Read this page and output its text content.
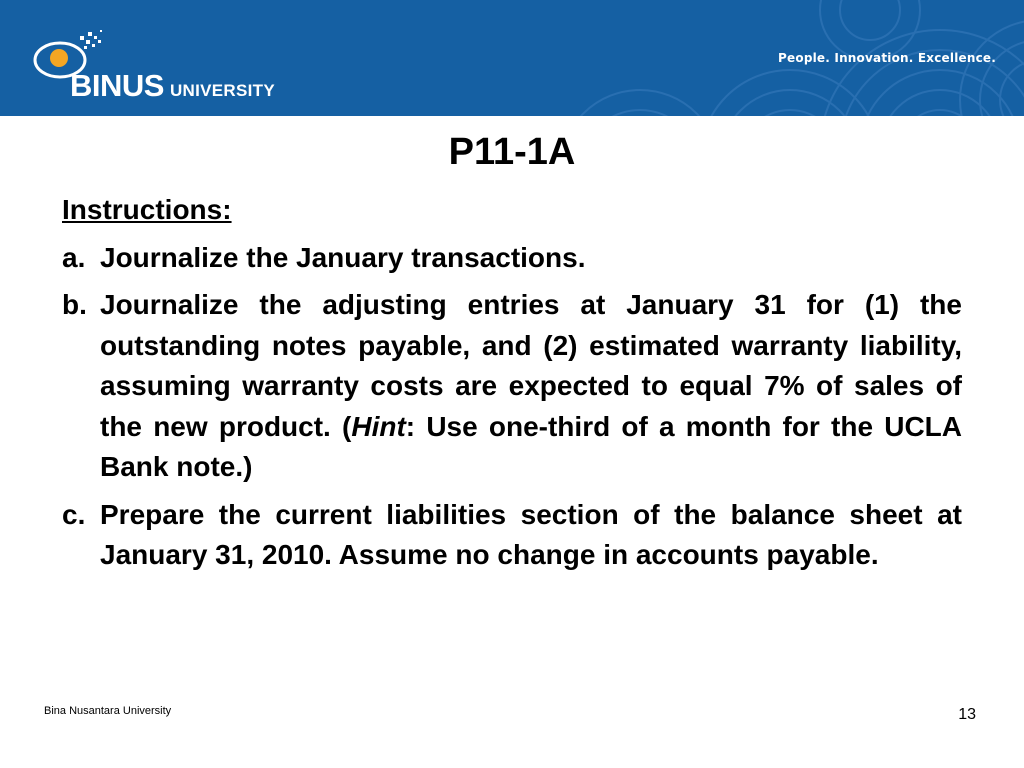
BINUS UNIVERSITY
People. Innovation. Excellence.
P11-1A
Instructions:
a. Journalize the January transactions.
b. Journalize the adjusting entries at January 31 for (1) the outstanding notes payable, and (2) estimated warranty liability, assuming warranty costs are expected to equal 7% of sales of the new product. (Hint: Use one-third of a month for the UCLA Bank note.)
c. Prepare the current liabilities section of the balance sheet at January 31, 2010. Assume no change in accounts payable.
Bina Nusantara University	13
